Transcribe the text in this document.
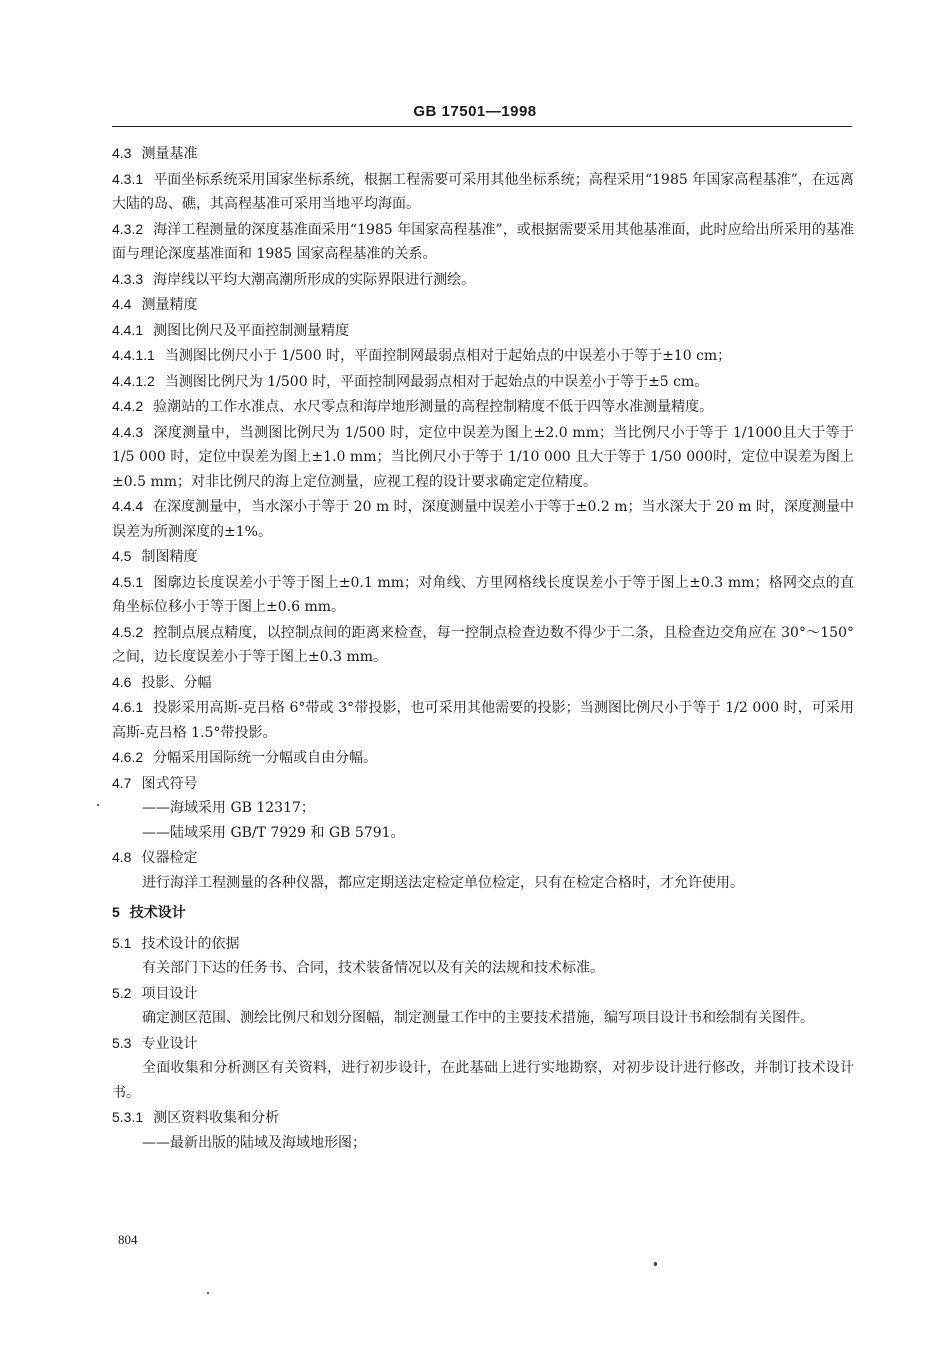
GB 17501—1998

4.3 测量基准

4.3.1 平面坐标系统采用国家坐标系统，根据工程需要可采用其他坐标系统；高程采用“1985 年国家高程基准”，在远离大陆的岛、礁，其高程基准可采用当地平均海面。

4.3.2 海洋工程测量的深度基准面采用“1985 年国家高程基准”，或根据需要采用其他基准面，此时应给出所采用的基准面与理论深度基准面和 1985 国家高程基准的关系。

4.3.3 海岸线以平均大潮高潮所形成的实际界限进行测绘。

4.4 测量精度

4.4.1 测图比例尺及平面控制测量精度

4.4.1.1 当测图比例尺小于 1/500 时，平面控制网最弱点相对于起始点的中误差小于等于±10 cm；

4.4.1.2 当测图比例尺为 1/500 时，平面控制网最弱点相对于起始点的中误差小于等于±5 cm。

4.4.2 验潮站的工作水准点、水尺零点和海岸地形测量的高程控制精度不低于四等水准测量精度。

4.4.3 深度测量中，当测图比例尺为 1/500 时，定位中误差为图上±2.0 mm；当比例尺小于等于 1/1000且大于等于 1/5 000 时，定位中误差为图上±1.0 mm；当比例尺小于等于 1/10 000 且大于等于 1/50 000时，定位中误差为图上±0.5 mm；对非比例尺的海上定位测量，应视工程的设计要求确定定位精度。

4.4.4 在深度测量中，当水深小于等于 20 m 时，深度测量中误差小于等于±0.2 m；当水深大于 20 m 时，深度测量中误差为所测深度的±1%。

4.5 制图精度

4.5.1 图廓边长度误差小于等于图上±0.1 mm；对角线、方里网格线长度误差小于等于图上±0.3 mm；格网交点的直角坐标位移小于等于图上±0.6 mm。

4.5.2 控制点展点精度，以控制点间的距离来检查，每一控制点检查边数不得少于二条，且检查边交角应在 30°～150°之间，边长度误差小于等于图上±0.3 mm。

4.6 投影、分幅

4.6.1 投影采用高斯-克吕格 6°带或 3°带投影，也可采用其他需要的投影；当测图比例尺小于等于 1/2 000 时，可采用高斯-克吕格 1.5°带投影。

4.6.2 分幅采用国际统一分幅或自由分幅。

4.7 图式符号

——海域采用 GB 12317；

——陆域采用 GB/T 7929 和 GB 5791。

4.8 仪器检定

进行海洋工程测量的各种仪器，都应定期送法定检定单位检定，只有在检定合格时，才允许使用。

5 技术设计

5.1 技术设计的依据

有关部门下达的任务书、合同，技术装备情况以及有关的法规和技术标准。

5.2 项目设计

确定测区范围、测绘比例尺和划分图幅，制定测量工作中的主要技术措施，编写项目设计书和绘制有关图件。

5.3 专业设计

全面收集和分析测区有关资料，进行初步设计，在此基础上进行实地勘察，对初步设计进行修改，并制订技术设计书。

5.3.1 测区资料收集和分析

——最新出版的陆域及海域地形图；

804
